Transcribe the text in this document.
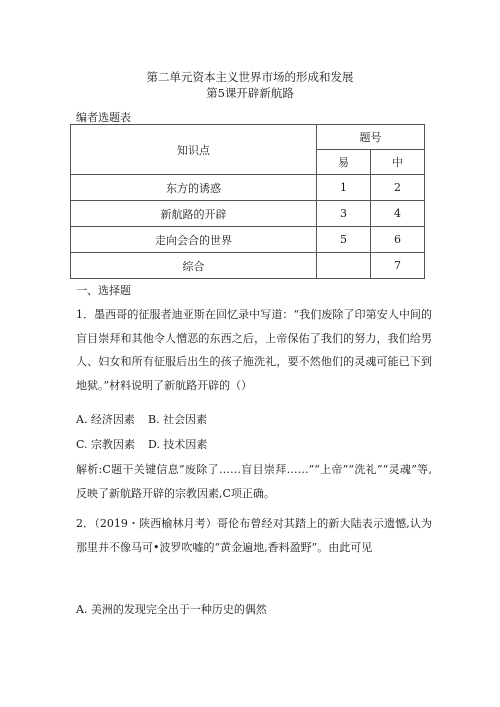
第二单元资本主义世界市场的形成和发展
第5课开辟新航路
编者选题表
知识点	题号	
	易	中
东方的诱惑	1	2
新航路的开辟	3	4
走向会合的世界	5	6
综合		7
一、选择题
1．墨西哥的征服者迪亚斯在回忆录中写道：“我们废除了印第安人中间的盲目崇拜和其他令人憎恶的东西之后，上帝保佑了我们的努力，我们给男人、妇女和所有征服后出生的孩子施洗礼，要不然他们的灵魂可能已下到地狱。”材料说明了新航路开辟的（）
A. 经济因素 B. 社会因素
C. 宗教因素 D. 技术因素
解析:C题干关键信息”废除了……盲目崇拜……”“上帝”“洗礼”“灵魂”等,反映了新航路开辟的宗教因素,C项正确。
2．（2019・陕西榆林月考）哥伦布曾经对其踏上的新大陆表示遗憾,认为那里并不像马可•波罗吹嘘的“黄金遍地,香料盈野”。由此可见
A. 美洲的发现完全出于一种历史的偶然
